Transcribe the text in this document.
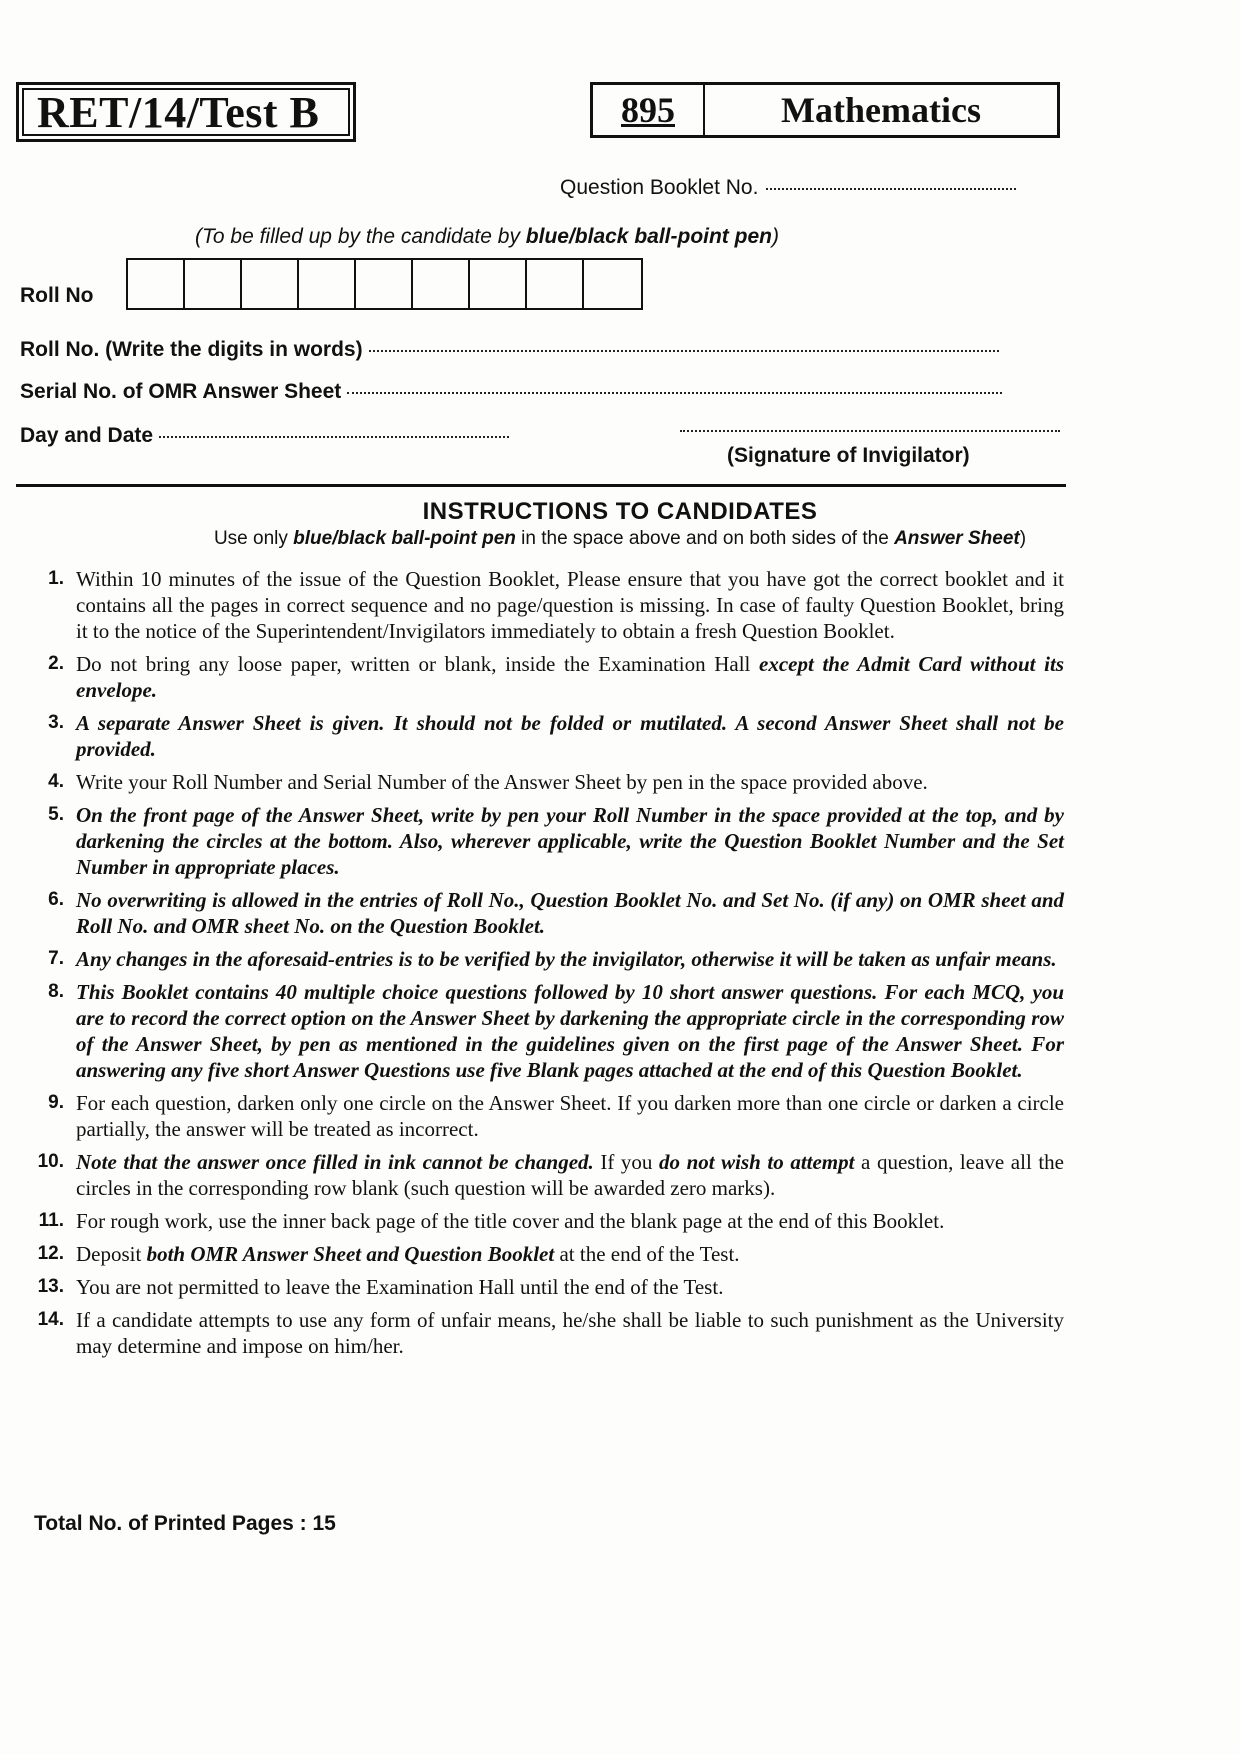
RET/14/Test B	895	Mathematics
Question Booklet No.
(To be filled up by the candidate by blue/black ball-point pen)
Roll No
Roll No. (Write the digits in words)
Serial No. of OMR Answer Sheet
Day and Date
(Signature of Invigilator)
INSTRUCTIONS TO CANDIDATES
Use only blue/black ball-point pen in the space above and on both sides of the Answer Sheet)
1. Within 10 minutes of the issue of the Question Booklet, Please ensure that you have got the correct booklet and it contains all the pages in correct sequence and no page/question is missing. In case of faulty Question Booklet, bring it to the notice of the Superintendent/Invigilators immediately to obtain a fresh Question Booklet.
2. Do not bring any loose paper, written or blank, inside the Examination Hall except the Admit Card without its envelope.
3. A separate Answer Sheet is given. It should not be folded or mutilated. A second Answer Sheet shall not be provided.
4. Write your Roll Number and Serial Number of the Answer Sheet by pen in the space provided above.
5. On the front page of the Answer Sheet, write by pen your Roll Number in the space provided at the top, and by darkening the circles at the bottom. Also, wherever applicable, write the Question Booklet Number and the Set Number in appropriate places.
6. No overwriting is allowed in the entries of Roll No., Question Booklet No. and Set No. (if any) on OMR sheet and Roll No. and OMR sheet No. on the Question Booklet.
7. Any changes in the aforesaid-entries is to be verified by the invigilator, otherwise it will be taken as unfair means.
8. This Booklet contains 40 multiple choice questions followed by 10 short answer questions. For each MCQ, you are to record the correct option on the Answer Sheet by darkening the appropriate circle in the corresponding row of the Answer Sheet, by pen as mentioned in the guidelines given on the first page of the Answer Sheet. For answering any five short Answer Questions use five Blank pages attached at the end of this Question Booklet.
9. For each question, darken only one circle on the Answer Sheet. If you darken more than one circle or darken a circle partially, the answer will be treated as incorrect.
10. Note that the answer once filled in ink cannot be changed. If you do not wish to attempt a question, leave all the circles in the corresponding row blank (such question will be awarded zero marks).
11. For rough work, use the inner back page of the title cover and the blank page at the end of this Booklet.
12. Deposit both OMR Answer Sheet and Question Booklet at the end of the Test.
13. You are not permitted to leave the Examination Hall until the end of the Test.
14. If a candidate attempts to use any form of unfair means, he/she shall be liable to such punishment as the University may determine and impose on him/her.
Total No. of Printed Pages : 15
